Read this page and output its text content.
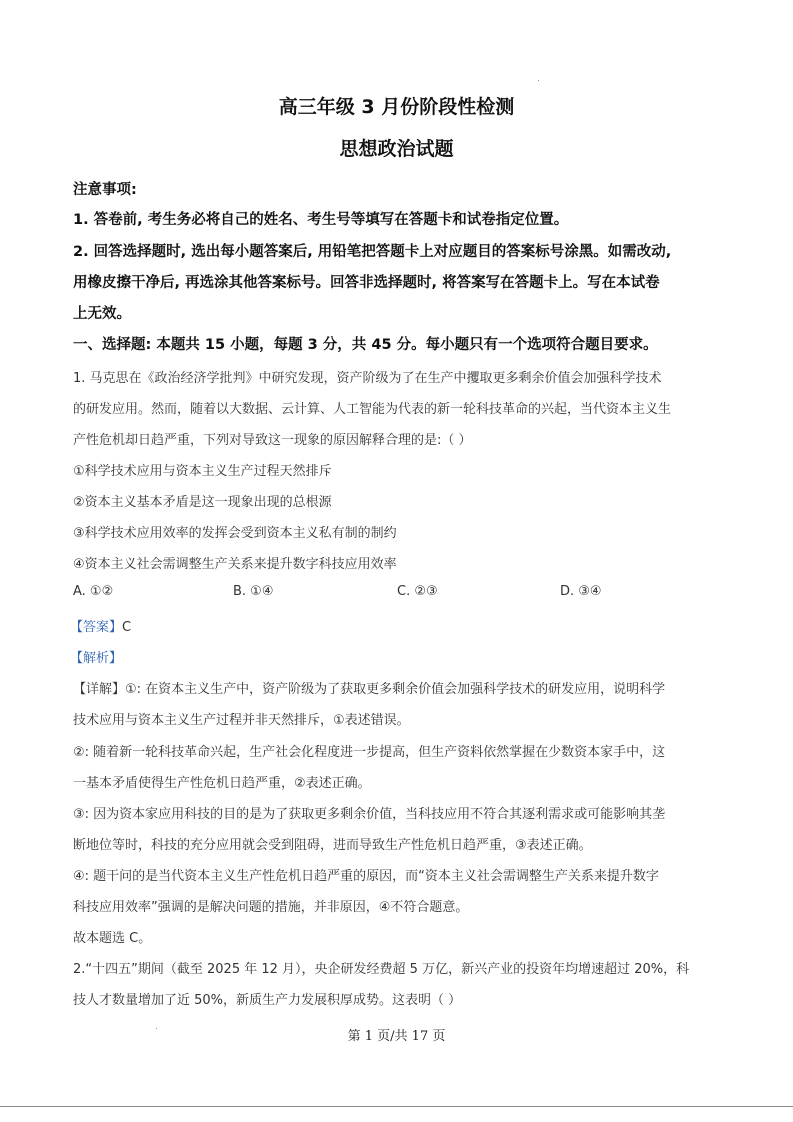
高三年级 3 月份阶段性检测
思想政治试题
注意事项:
1. 答卷前, 考生务必将自己的姓名、考生号等填写在答题卡和试卷指定位置。
2. 回答选择题时, 选出每小题答案后, 用铅笔把答题卡上对应题目的答案标号涂黑。如需改动,
用橡皮擦干净后, 再选涂其他答案标号。回答非选择题时, 将答案写在答题卡上。写在本试卷
上无效。
一、选择题: 本题共 15 小题，每题 3 分，共 45 分。每小题只有一个选项符合题目要求。
1. 马克思在《政治经济学批判》中研究发现，资产阶级为了在生产中攫取更多剩余价值会加强科学技术
的研发应用。然而，随着以大数据、云计算、人工智能为代表的新一轮科技革命的兴起，当代资本主义生
产性危机却日趋严重，下列对导致这一现象的原因解释合理的是:（ ）
①科学技术应用与资本主义生产过程天然排斥
②资本主义基本矛盾是这一现象出现的总根源
③科学技术应用效率的发挥会受到资本主义私有制的制约
④资本主义社会需调整生产关系来提升数字科技应用效率
A. ①②	B. ①④	C. ②③	D. ③④
【答案】C
【解析】
【详解】①: 在资本主义生产中，资产阶级为了获取更多剩余价值会加强科学技术的研发应用，说明科学
技术应用与资本主义生产过程并非天然排斥，①表述错误。
②: 随着新一轮科技革命兴起，生产社会化程度进一步提高，但生产资料依然掌握在少数资本家手中，这
一基本矛盾使得生产性危机日趋严重，②表述正确。
③: 因为资本家应用科技的目的是为了获取更多剩余价值，当科技应用不符合其逐利需求或可能影响其垄
断地位等时，科技的充分应用就会受到阻碍，进而导致生产性危机日趋严重，③表述正确。
④: 题干问的是当代资本主义生产性危机日趋严重的原因，而“资本主义社会需调整生产关系来提升数字
科技应用效率”强调的是解决问题的措施，并非原因，④不符合题意。
故本题选 C。
2.“十四五”期间（截至 2025 年 12 月），央企研发经费超 5 万亿，新兴产业的投资年均增速超过 20%，科
技人才数量增加了近 50%，新质生产力发展积厚成势。这表明（ ）
第 1 页/共 17 页
